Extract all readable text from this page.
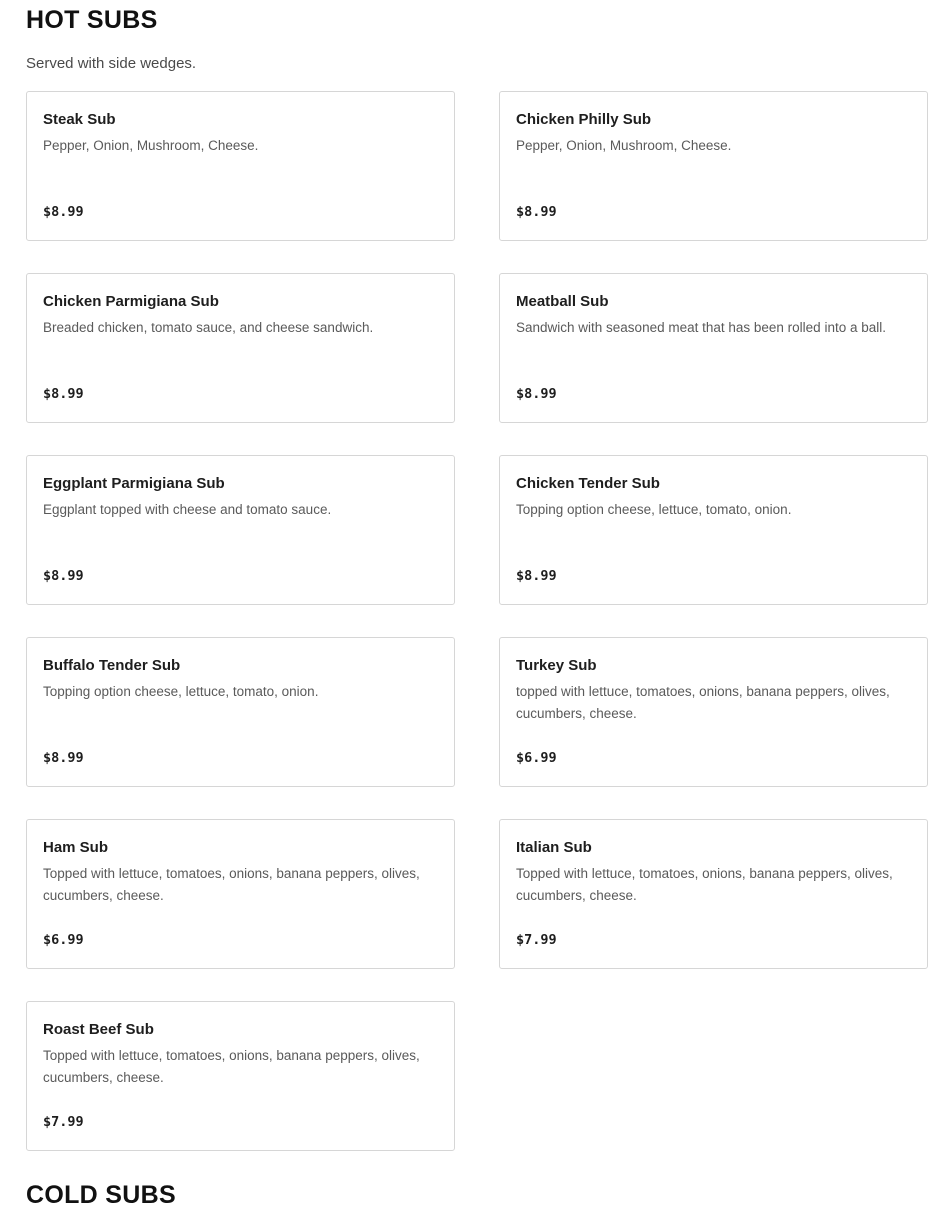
HOT SUBS

Served with side wedges.

Steak Sub
Pepper, Onion, Mushroom, Cheese.
$8.99
Chicken Philly Sub
Pepper, Onion, Mushroom, Cheese.
$8.99
Chicken Parmigiana Sub
Breaded chicken, tomato sauce, and cheese sandwich.
$8.99
Meatball Sub
Sandwich with seasoned meat that has been rolled into a ball.
$8.99
Eggplant Parmigiana Sub
Eggplant topped with cheese and tomato sauce.
$8.99
Chicken Tender Sub
Topping option cheese, lettuce, tomato, onion.
$8.99
Buffalo Tender Sub
Topping option cheese, lettuce, tomato, onion.
$8.99
Turkey Sub
topped with lettuce, tomatoes, onions, banana peppers, olives, cucumbers, cheese.
$6.99
Ham Sub
Topped with lettuce, tomatoes, onions, banana peppers, olives, cucumbers, cheese.
$6.99
Italian Sub
Topped with lettuce, tomatoes, onions, banana peppers, olives, cucumbers, cheese.
$7.99
Roast Beef Sub
Topped with lettuce, tomatoes, onions, banana peppers, olives, cucumbers, cheese.
$7.99
COLD SUBS
